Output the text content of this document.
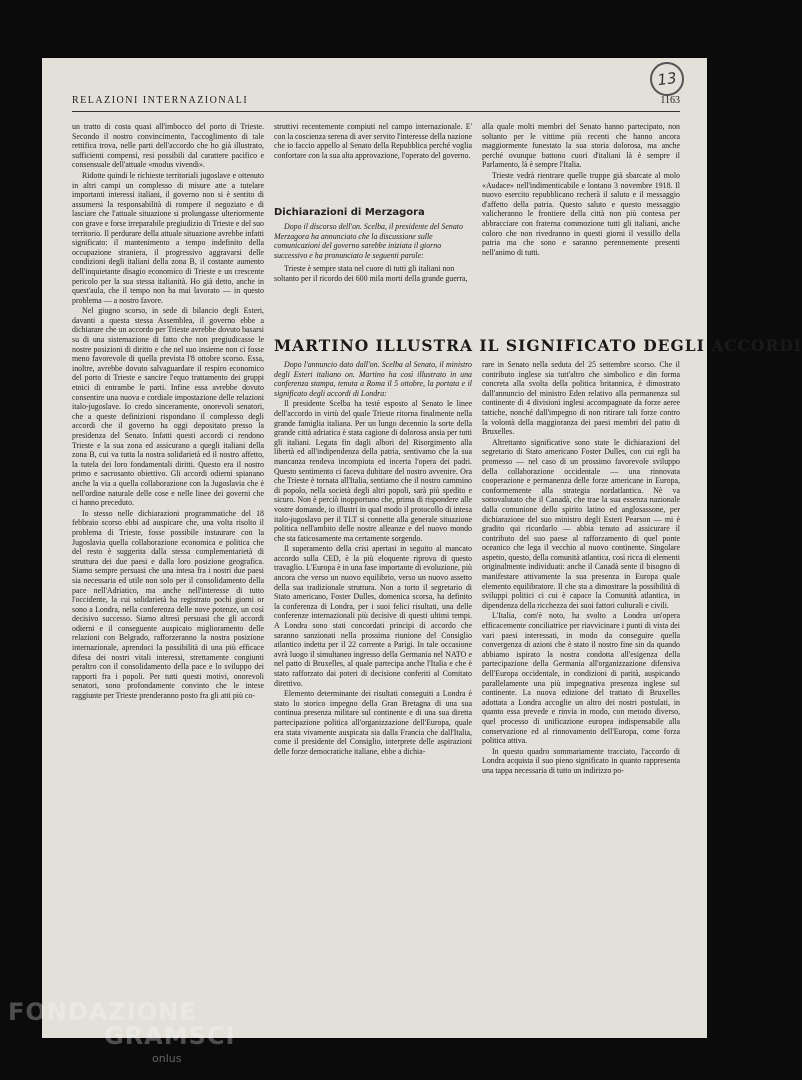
13
RELAZIONI INTERNAZIONALI	1163

un tratto di costa quasi all'imbocco del porto di Trieste. Secondo il nostro convincimento, l'accoglimento di tale rettifica trova, nelle parti dell'accordo che ho già illustrato, sufficienti compensi, resi possibili dal carattere pacifico e consensuale dell'attuale «modus vivendi».

Ridotte quindi le richieste territoriali jugoslave e ottenuto in altri campi un complesso di misure atte a tutelare importanti interessi italiani, il governo non si è sentito di assumersi la responsabilità di rompere il negoziato e di lasciare che l'attuale situazione si prolungasse ulteriormente con grave e forse irreparabile pregiudizio di Trieste e del suo territorio. Il perdurare della attuale situazione avrebbe infatti significato: il mantenimento a tempo indefinito della occupazione straniera, il progressivo aggravarsi delle condizioni degli italiani della zona B, il costante aumento dell'inquietante disagio economico di Trieste e un crescente pericolo per la sua stessa italianità. Ho già detto, anche in quest'aula, che il tempo non ha mai lavorato — in questo problema — a nostro favore.

Nel giugno scorso, in sede di bilancio degli Esteri, davanti a questa stessa Assemblea, il governo ebbe a dichiarare che un accordo per Trieste avrebbe dovuto basarsi su di una sistemazione di fatto che non pregiudicasse le nostre posizioni di diritto e che nel suo insieme non ci fosse meno favorevole di quella prevista l'8 ottobre scorso. Essa, inoltre, avrebbe dovuto salvaguardare il respiro economico del porto di Trieste e sancire l'equo trattamento dei gruppi etnici di entrambe le parti. Infine essa avrebbe dovuto consentire una nuova e cordiale impostazione delle relazioni italo-jugoslave. Io credo sinceramente, onorevoli senatori, che a queste definizioni rispondano il complesso degli accordi che il governo ha oggi depositato presso la presidenza del Senato. Infatti questi accordi ci rendono Trieste e la sua zona ed assicurano a quegli italiani della zona B, cui va tutta la nostra solidarietà ed il nostro affetto, la tutela dei loro fondamentali diritti. Questo era il nostro primo e sacrosanto obiettivo. Gli accordi odierni spianano anche la via a quella collaborazione con la Jugoslavia che è nell'ordine naturale delle cose e nelle linee dei governi che ci hanno preceduto.

Io stesso nelle dichiarazioni programmatiche del 18 febbraio scorso ebbi ad auspicare che, una volta risolto il problema di Trieste, fosse possibile instaurare con la Jugoslavia quella collaborazione economica e politica che del resto è suggerita dalla stessa complementarietà di struttura dei due paesi e dalla loro posizione geografica. Siamo sempre persuasi che una intesa fra i nostri due paesi sia necessaria ed utile non solo per il consolidamento della pace nell'Adriatico, ma anche nell'interesse di tutto l'occidente, la cui solidarietà ha registrato pochi giorni or sono a Londra, nella conferenza delle nove potenze, un così decisivo successo. Siamo altresì persuasi che gli accordi odierni e il conseguente auspicato miglioramento delle relazioni con Belgrado, rafforzeranno la nostra posizione internazionale, aprendoci la possibilità di una più efficace difesa dei nostri vitali interessi, strettamente congiunti peraltro con il consolidamento della pace e lo sviluppo dei rapporti fra i popoli. Per tutti questi motivi, onorevoli senatori, sono profondamente convinto che le intese raggiunte per Trieste prenderanno posto fra gli atti più co-

struttivi recentemente compiuti nel campo internazionale. E' con la coscienza serena di aver servito l'interesse della nazione che io faccio appello al Senato della Repubblica perché voglia confortare con la sua alta approvazione, l'operato del governo.

Dichiarazioni di Merzagora

Dopo il discorso dell'on. Scelba, il presidente del Senato Merzagora ha annunciato che la discussione sulle comunicazioni del governo sarebbe iniziata il giorno successivo e ha pronunciato le seguenti parole:

Trieste è sempre stata nel cuore di tutti gli italiani non soltanto per il ricordo dei 600 mila morti della grande guerra,

alla quale molti membri del Senato hanno partecipato, non soltanto per le vittime più recenti che hanno ancora maggiormente funestato la sua storia dolorosa, ma anche perché ovunque battono cuori d'italiani là è sempre il Parlamento, là è sempre l'Italia.

Trieste vedrà rientrare quelle truppe già sbarcate al molo «Audace» nell'indimenticabile e lontano 3 novembre 1918. Il nuovo esercito repubblicano recherà il saluto e il messaggio d'affetto della patria. Questo saluto e questo messaggio valicheranno le frontiere della città non più contesa per abbracciare con fraterna commozione tutti gli italiani, anche coloro che non rivedranno in questi giorni il vessillo della patria ma che sono e saranno perennemente presenti nell'animo di tutti.

MARTINO ILLUSTRA IL SIGNIFICATO DEGLI ACCORDI

Dopo l'annuncio dato dall'on. Scelba al Senato, il ministro degli Esteri italiano on. Martino ha così illustrato in una conferenza stampa, tenuta a Roma il 5 ottobre, la portata e il significato degli accordi di Londra:

Il presidente Scelba ha testè esposto al Senato le linee dell'accordo in virtù del quale Trieste ritorna finalmente nella grande famiglia italiana. Per un lungo decennio la sorte della grande città adriatica è stata cagione di dolorosa ansia per tutti gli italiani. Legata fin dagli albori del Risorgimento alla libertà ed all'indipendenza della patria, sentivamo che la sua mancanza rendeva incompiuta ed incerta l'opera dei padri. Questo sentimento ci faceva dubitare del nostro avvenire. Ora che Trieste è tornata all'Italia, sentiamo che il nostro cammino di popolo, nella società degli altri popoli, sarà più spedito e sicuro. Non è perciò inopportuno che, prima di rispondere alle vostre domande, io illustri in qual modo il protocollo di intesa italo-jugoslavo per il TLT si connette alla generale situazione politica nell'ambito delle nostre alleanze e del nuovo mondo che sta faticosamente ma certamente sorgendo.

Il superamento della crisi apertasi in seguito al mancato accordo sulla CED, è la più eloquente riprova di questo travaglio. L'Europa è in una fase importante di evoluzione, più ancora che verso un nuovo equilibrio, verso un nuovo assetto della sua tradizionale struttura. Non a torto il segretario di Stato americano, Foster Dulles, domenica scorsa, ha definito la conferenza di Londra, per i suoi felici risultati, una delle conferenze internazionali più decisive di questi ultimi tempi. A Londra sono stati concordati principi di accordo che saranno sanzionati nella prossima riunione del Consiglio atlantico indetta per il 22 corrente a Parigi. In tale occasione avrà luogo il simultaneo ingresso della Germania nel NATO e nel patto di Bruxelles, al quale partecipa anche l'Italia e che è stato rafforzato dai poteri di decisione conferiti al Comitato direttivo.

Elemento determinante dei risultati conseguiti a Londra è stato lo storico impegno della Gran Bretagna di una sua continua presenza militare sul continente e di una sua diretta partecipazione politica all'organizzazione dell'Europa, quale era stata vivamente auspicata sia dalla Francia che dall'Italia, come il presidente del Consiglio, interprete delle aspirazioni delle forze democratiche italiane, ebbe a dichia-

rare in Senato nella seduta del 25 settembre scorso. Che il contributo inglese sia tutt'altro che simbolico e din forma concreta alla svolta della politica britannica, è dimostrato dall'annuncio del ministro Eden relativo alla permanenza sul continente di 4 divisioni inglesi accompagnate da forze aeree tattiche, nonché dall'impegno di non ritirare tali forze contro la volontà della maggioranza dei paesi membri del patto di Bruxelles.

Altrettanto significative sono state le dichiarazioni del segretario di Stato americano Foster Dulles, con cui egli ha promesso — nel caso di un prossimo favorevole sviluppo della collaborazione occidentale — una rinnovata cooperazione e permanenza delle forze americane in Europa, conformemente alla strategia nordatlantica. Nè va sottovalutato che il Canadà, che trae la sua essenza nazionale dalla comunione dello spirito latino ed anglosassone, per dichiarazione del suo ministro degli Esteri Pearson — mi è gradito qui ricordarlo — abbia tenuto ad assicurare il contributo del suo paese al rafforzamento di quel ponte oceanico che lega il vecchio al nuovo continente. Singolare aspetto, questo, della comunità atlantica, così ricca di elementi originalmente individuati: anche il Canadà sente il bisogno di manifestare attivamente la sua presenza in Europa quale elemento equilibratore. Il che sta a dimostrare la possibilità di sviluppi politici ci cui è capace la Comunità atlantica, in dipendenza della ricchezza dei suoi fattori culturali e civili.

L'Italia, com'è noto, ha svolto a Londra un'opera efficacemente conciliatrice per riavvicinare i punti di vista dei vari paesi interessati, in modo da conseguire quella convergenza di azioni che è stato il nostro fine sin da quando abbiamo ispirato la nostra condotta all'esigenza della partecipazione della Germania all'organizzazione difensiva dell'Europa occidentale, in condizioni di parità, auspicando parallelamente una più impegnativa presenza inglese sul continente. La nuova edizione del trattato di Bruxelles adottata a Londra accoglie un altro dei nostri postulati, in quanto essa prevede e rinvia in modo, con metodo diverso, quel processo di unificazione europea indispensabile alla conservazione ed al rinnovamento dell'Europa, come forza politica attiva.

In questo quadro sommariamente tracciato, l'accordo di Londra acquista il suo pieno significato in quanto rappresenta una tappa necessaria di tutto un indirizzo po-

FONDAZIONE
GRAMSCI
onlus
